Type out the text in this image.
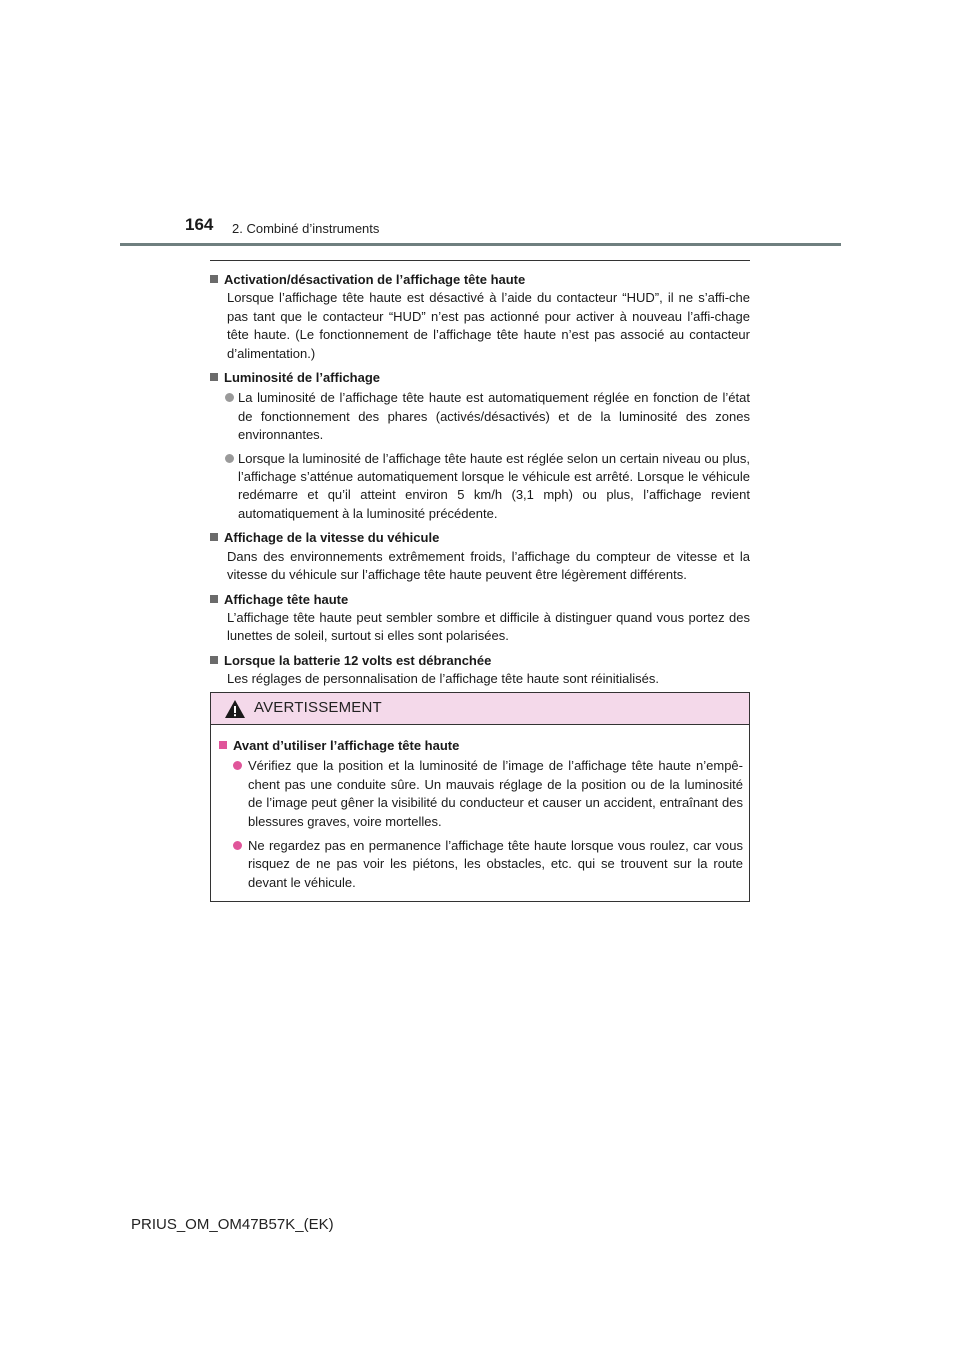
164 2. Combiné d’instruments
Activation/désactivation de l’affichage tête haute
Lorsque l’affichage tête haute est désactivé à l’aide du contacteur “HUD”, il ne s’affi-che pas tant que le contacteur “HUD” n’est pas actionné pour activer à nouveau l’affi-chage tête haute. (Le fonctionnement de l’affichage tête haute n’est pas associé au contacteur d’alimentation.)
Luminosité de l’affichage
La luminosité de l’affichage tête haute est automatiquement réglée en fonction de l’état de fonctionnement des phares (activés/désactivés) et de la luminosité des zones environnantes.
Lorsque la luminosité de l’affichage tête haute est réglée selon un certain niveau ou plus, l’affichage s’atténue automatiquement lorsque le véhicule est arrêté. Lorsque le véhicule redémarre et qu’il atteint environ 5 km/h (3,1 mph) ou plus, l’affichage revient automatiquement à la luminosité précédente.
Affichage de la vitesse du véhicule
Dans des environnements extrêmement froids, l’affichage du compteur de vitesse et la vitesse du véhicule sur l’affichage tête haute peuvent être légèrement différents.
Affichage tête haute
L’affichage tête haute peut sembler sombre et difficile à distinguer quand vous portez des lunettes de soleil, surtout si elles sont polarisées.
Lorsque la batterie 12 volts est débranchée
Les réglages de personnalisation de l’affichage tête haute sont réinitialisés.
AVERTISSEMENT
Avant d’utiliser l’affichage tête haute
Vérifiez que la position et la luminosité de l’image de l’affichage tête haute n’empê-chent pas une conduite sûre. Un mauvais réglage de la position ou de la luminosité de l’image peut gêner la visibilité du conducteur et causer un accident, entraînant des blessures graves, voire mortelles.
Ne regardez pas en permanence l’affichage tête haute lorsque vous roulez, car vous risquez de ne pas voir les piétons, les obstacles, etc. qui se trouvent sur la route devant le véhicule.
PRIUS_OM_OM47B57K_(EK)
